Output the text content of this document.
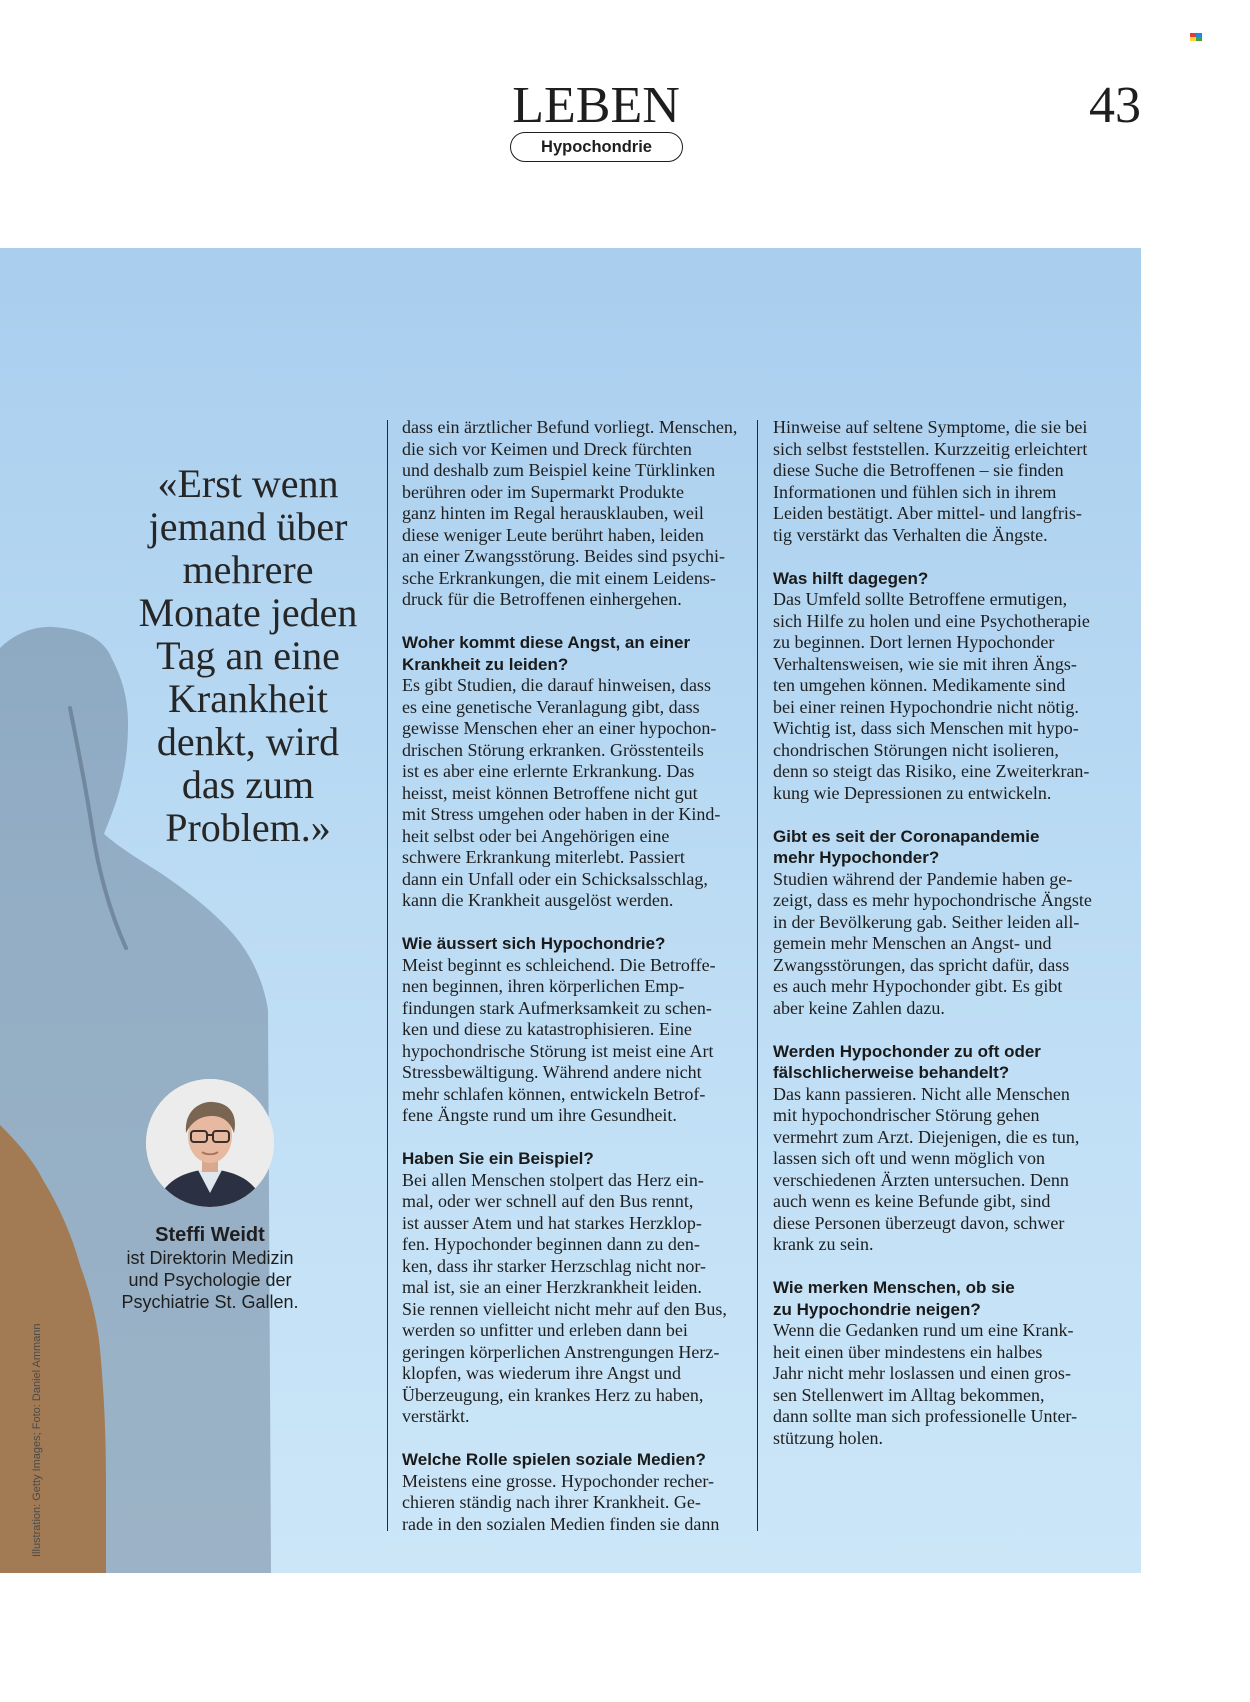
LEBEN	43
Hypochondrie
«Erst wenn
jemand über
mehrere
Monate jeden
Tag an eine
Krankheit
denkt, wird
das zum
Problem.»
Steffi Weidt
ist Direktorin Medizin
und Psychologie der
Psychiatrie St. Gallen.
Illustration: Getty Images; Foto: Daniel Ammann
dass ein ärztlicher Befund vorliegt. Menschen,
die sich vor Keimen und Dreck fürchten
und deshalb zum Beispiel keine Türklinken
berühren oder im Supermarkt Produkte
ganz hinten im Regal herausklauben, weil
diese weniger Leute berührt haben, leiden
an einer Zwangsstörung. Beides sind psychi-
sche Erkrankungen, die mit einem Leidens-
druck für die Betroffenen einhergehen.
Woher kommt diese Angst, an einer
Krankheit zu leiden?
Es gibt Studien, die darauf hinweisen, dass
es eine genetische Veranlagung gibt, dass
gewisse Menschen eher an einer hypochon-
drischen Störung erkranken. Grösstenteils
ist es aber eine erlernte Erkrankung. Das
heisst, meist können Betroffene nicht gut
mit Stress umgehen oder haben in der Kind-
heit selbst oder bei Angehörigen eine
schwere Erkrankung miterlebt. Passiert
dann ein Unfall oder ein Schicksalsschlag,
kann die Krankheit ausgelöst werden.
Wie äussert sich Hypochondrie?
Meist beginnt es schleichend. Die Betroffe-
nen beginnen, ihren körperlichen Emp-
findungen stark Aufmerksamkeit zu schen-
ken und diese zu katastrophisieren. Eine
hypochondrische Störung ist meist eine Art
Stressbewältigung. Während andere nicht
mehr schlafen können, entwickeln Betrof-
fene Ängste rund um ihre Gesundheit.
Haben Sie ein Beispiel?
Bei allen Menschen stolpert das Herz ein-
mal, oder wer schnell auf den Bus rennt,
ist ausser Atem und hat starkes Herzklop-
fen. Hypochonder beginnen dann zu den-
ken, dass ihr starker Herzschlag nicht nor-
mal ist, sie an einer Herzkrankheit leiden.
Sie rennen vielleicht nicht mehr auf den Bus,
werden so unfitter und erleben dann bei
geringen körperlichen Anstrengungen Herz-
klopfen, was wiederum ihre Angst und
Überzeugung, ein krankes Herz zu haben,
verstärkt.
Welche Rolle spielen soziale Medien?
Meistens eine grosse. Hypochonder recher-
chieren ständig nach ihrer Krankheit. Ge-
rade in den sozialen Medien finden sie dann
Hinweise auf seltene Symptome, die sie bei
sich selbst feststellen. Kurzzeitig erleichtert
diese Suche die Betroffenen – sie finden
Informationen und fühlen sich in ihrem
Leiden bestätigt. Aber mittel- und langfris-
tig verstärkt das Verhalten die Ängste.
Was hilft dagegen?
Das Umfeld sollte Betroffene ermutigen,
sich Hilfe zu holen und eine Psychotherapie
zu beginnen. Dort lernen Hypochonder
Verhaltensweisen, wie sie mit ihren Ängs-
ten umgehen können. Medikamente sind
bei einer reinen Hypochondrie nicht nötig.
Wichtig ist, dass sich Menschen mit hypo-
chondrischen Störungen nicht isolieren,
denn so steigt das Risiko, eine Zweiterkran-
kung wie Depressionen zu entwickeln.
Gibt es seit der Coronapandemie
mehr Hypochonder?
Studien während der Pandemie haben ge-
zeigt, dass es mehr hypochondrische Ängste
in der Bevölkerung gab. Seither leiden all-
gemein mehr Menschen an Angst- und
Zwangsstörungen, das spricht dafür, dass
es auch mehr Hypochonder gibt. Es gibt
aber keine Zahlen dazu.
Werden Hypochonder zu oft oder
fälschlicherweise behandelt?
Das kann passieren. Nicht alle Menschen
mit hypochondrischer Störung gehen
vermehrt zum Arzt. Diejenigen, die es tun,
lassen sich oft und wenn möglich von
verschiedenen Ärzten untersuchen. Denn
auch wenn es keine Befunde gibt, sind
diese Personen überzeugt davon, schwer
krank zu sein.
Wie merken Menschen, ob sie
zu Hypochondrie neigen?
Wenn die Gedanken rund um eine Krank-
heit einen über mindestens ein halbes
Jahr nicht mehr loslassen und einen gros-
sen Stellenwert im Alltag bekommen,
dann sollte man sich professionelle Unter-
stützung holen.
